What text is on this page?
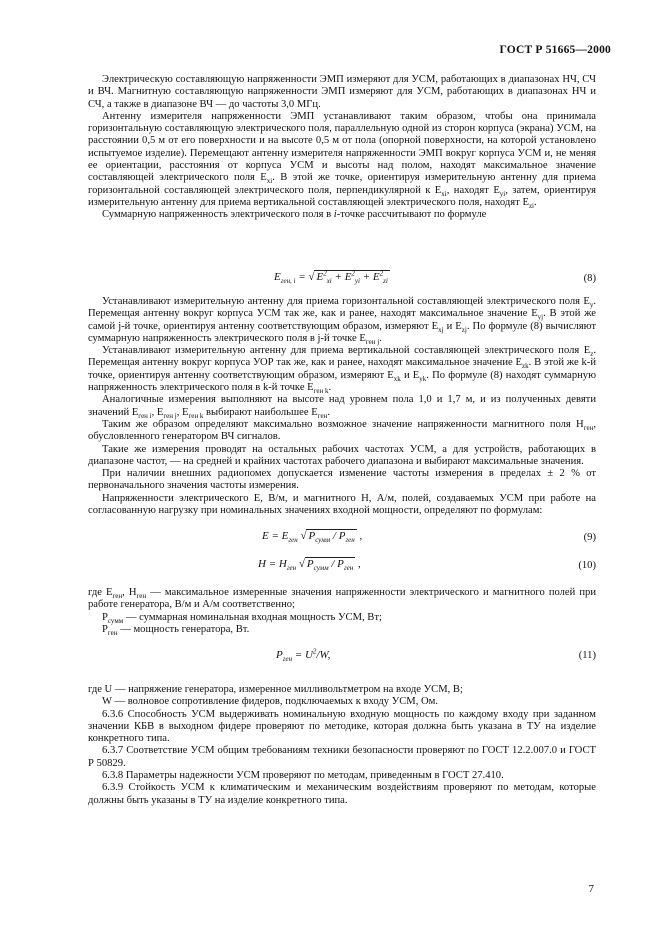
ГОСТ Р 51665—2000

Электрическую составляющую напряженности ЭМП измеряют для УСМ, работающих в диапазонах НЧ, СЧ и ВЧ. Магнитную составляющую напряженности ЭМП измеряют для УСМ, работающих в диапазонах НЧ и СЧ, а также в диапазоне ВЧ — до частоты 3,0 МГц.

Антенну измерителя напряженности ЭМП устанавливают таким образом, чтобы она принимала горизонтальную составляющую электрического поля, параллельную одной из сторон корпуса (экрана) УСМ, на расстоянии 0,5 м от его поверхности и на высоте 0,5 м от пола (опорной поверхности, на которой установлено испытуемое изделие). Перемещают антенну измерителя напряженности ЭМП вокруг корпуса УСМ и, не меняя ее ориентации, расстояния от корпуса УСМ и высоты над полом, находят максимальное значение составляющей электрического поля $E_{xi}$. В этой же точке, ориентируя измерительную антенну для приема горизонтальной составляющей электрического поля, перпендикулярной к $E_{xi}$, находят $E_{yi}$, затем, ориентируя измерительную антенну для приема вертикальной составляющей электрического поля, находят $E_{zi}$.

Суммарную напряженность электрического поля в i-точке рассчитывают по формуле

$E_{ген, i}$ = √ $E^2_{xi} + E^2_{yi} + E^2_{zi}$	(8)

Устанавливают измерительную антенну для приема горизонтальной составляющей электрического поля $E_y$. Перемещая антенну вокруг корпуса УСМ так же, как и ранее, находят максимальное значение $E_{yj}$. В этой же самой j-й точке, ориентируя антенну соответствующим образом, измеряют $E_{xj}$ и $E_{zj}$. По формуле (8) вычисляют суммарную напряженность электрического поля в j-й точке $E_{ген j}$.

Устанавливают измерительную антенну для приема вертикальной составляющей электрического поля $E_z$. Перемещая антенну вокруг корпуса УОР так же, как и ранее, находят максимальное значение $E_{zk}$. В этой же k-й точке, ориентируя антенну соответствующим образом, измеряют $E_{xk}$ и $E_{yk}$. По формуле (8) находят суммарную напряженность электрического поля в k-й точке $E_{ген k}$.

Аналогичные измерения выполняют на высоте над уровнем пола 1,0 и 1,7 м, и из полученных девяти значений $E_{ген i}$, $E_{ген j}$, $E_{ген k}$ выбирают наибольшее $E_{ген}$.

Таким же образом определяют максимально возможное значение напряженности магнитного поля $H_{ген}$, обусловленного генератором ВЧ сигналов.

Такие же измерения проводят на остальных рабочих частотах УСМ, а для устройств, работающих в диапазоне частот, — на средней и крайних частотах рабочего диапазона и выбирают максимальные значения.

При наличии внешних радиопомех допускается изменение частоты измерения в пределах ± 2 % от первоначального значения частоты измерения.

Напряженности электрического E, В/м, и магнитного H, А/м, полей, создаваемых УСМ при работе на согласованную нагрузку при номинальных значениях входной мощности, определяют по формулам:

$E = E_{ген}$ √ $P_{сумм} / P_{ген}$ ,	(9)
$H = H_{ген}$ √ $P_{сумм} / P_{ген}$ ,	(10)

где $E_{ген}$, $H_{ген}$ — максимальное измеренные значения напряженности электрического и магнитного полей при работе генератора, В/м и А/м соответственно;

$P_{сумм}$ — суммарная номинальная входная мощность УСМ, Вт;

$P_{ген}$ — мощность генератора, Вт.

$P_{ген} = U^2/W$,	(11)

где U — напряжение генератора, измеренное милливольтметром на входе УСМ, В;

W — волновое сопротивление фидеров, подключаемых к входу УСМ, Ом.

6.3.6 Способность УСМ выдерживать номинальную входную мощность по каждому входу при заданном значении КБВ в выходном фидере проверяют по методике, которая должна быть указана в ТУ на изделие конкретного типа.

6.3.7 Соответствие УСМ общим требованиям техники безопасности проверяют по ГОСТ 12.2.007.0 и ГОСТ Р 50829.

6.3.8 Параметры надежности УСМ проверяют по методам, приведенным в ГОСТ 27.410.

6.3.9 Стойкость УСМ к климатическим и механическим воздействиям проверяют по методам, которые должны быть указаны в ТУ на изделие конкретного типа.

7
